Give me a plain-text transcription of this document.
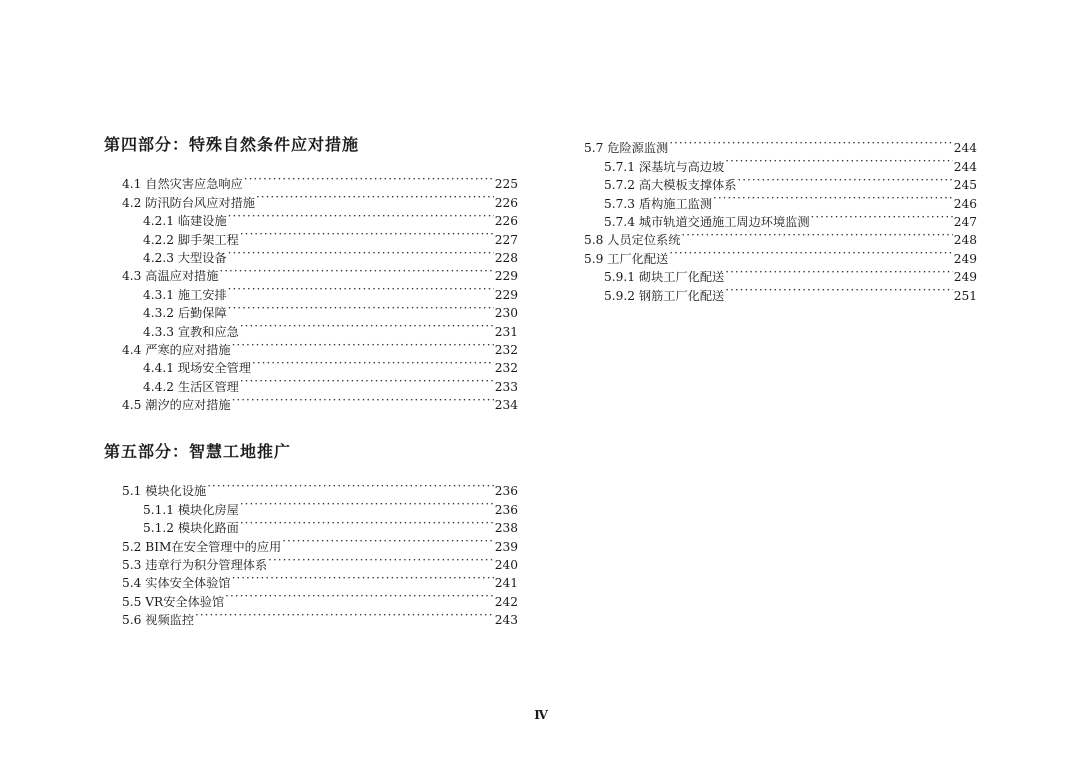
第四部分：特殊自然条件应对措施
4.1 自然灾害应急响应 ·····	225
4.2 防汛防台风应对措施 ·····	226
4.2.1 临建设施 ·····	226
4.2.2 脚手架工程 ·····	227
4.2.3 大型设备 ·····	228
4.3 高温应对措施 ·····	229
4.3.1 施工安排 ·····	229
4.3.2 后勤保障 ·····	230
4.3.3 宣教和应急 ·····	231
4.4 严寒的应对措施 ·····	232
4.4.1 现场安全管理 ·····	232
4.4.2 生活区管理 ·····	233
4.5 潮汐的应对措施 ·····	234
第五部分：智慧工地推广
5.1 模块化设施 ·····	236
5.1.1 模块化房屋 ·····	236
5.1.2 模块化路面 ·····	238
5.2 BIM在安全管理中的应用 ·····	239
5.3 违章行为积分管理体系 ·····	240
5.4 实体安全体验馆 ·····	241
5.5 VR安全体验馆 ·····	242
5.6 视频监控 ·····	243
5.7 危险源监测 ·····	244
5.7.1 深基坑与高边坡 ·····	244
5.7.2 高大模板支撑体系 ·····	245
5.7.3 盾构施工监测 ·····	246
5.7.4 城市轨道交通施工周边环境监测 ·····	247
5.8 人员定位系统 ·····	248
5.9 工厂化配送 ·····	249
5.9.1 砌块工厂化配送 ·····	249
5.9.2 钢筋工厂化配送 ·····	251
Ⅳ
